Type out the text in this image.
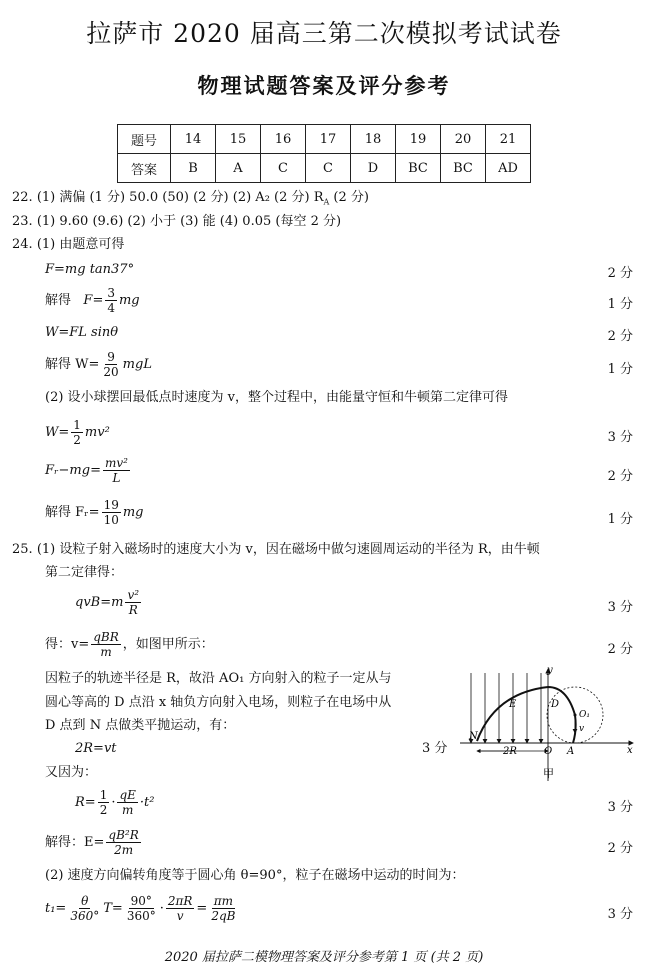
拉萨市 2020 届高三第二次模拟考试试卷
物理试题答案及评分参考
题号	14	15	16	17	18	19	20	21
答案	B	A	C	C	D	BC	BC	AD
22. (1) 满偏 (1 分) 50.0 (50) (2 分) (2) A₂ (2 分) $R_A$ (2 分)
23. (1) 9.60 (9.6) (2) 小于 (3) 能 (4) 0.05 (每空 2 分)
24. (1) 由题意可得
F=mg tan37°	2 分
解得 $F= \frac{3}{4}$ mg	1 分
W=FL sinθ	2 分
解得 $W= \frac{9}{20}$ mgL	1 分
(2) 设小球摆回最低点时速度为 v，整个过程中，由能量守恒和牛顿第二定律可得
$W= \frac{1}{2} mv^2$	3 分
Fᵣ−mg= $\frac{\text{mv²}}{L}$	2 分
解得 Fᵣ= $\frac{19}{10}$ mg	1 分
25. (1) 设粒子射入磁场时的速度大小为 v，因在磁场中做匀速圆周运动的半径为 R，由牛顿
第二定律得：
$qvB=m \frac{\text{v²}}{R}$	3 分
得：$v= \frac{\text{qBR}}{m}$ ，如图甲所示：	2 分
因粒子的轨迹半径是 R，故沿 AO₁ 方向射入的粒子一定从与
圆心等高的 D 点沿 x 轴负方向射入电场，则粒子在电场中从
D 点到 N 点做类平抛运动，有：
2R=vt	3 分
又因为：
$R= \frac{1}{2} \cdot \frac{qE}{m} \cdot t^2$	3 分
解得：$E= \frac{\text{qB²R}}{2m}$	2 分
(2) 速度方向偏转角度等于圆心角 θ=90°，粒子在磁场中运动的时间为：
$t_1= \frac{\theta}{360^\circ} T= \frac{90^\circ}{360^\circ} \cdot \frac{2\pi R}{v} = \frac{\pi m}{2qB}$	3 分
y
x
E	D
O₁
v
N
2R	O A
甲
2020 届拉萨二模物理答案及评分参考第 1 页 (共 2 页)
